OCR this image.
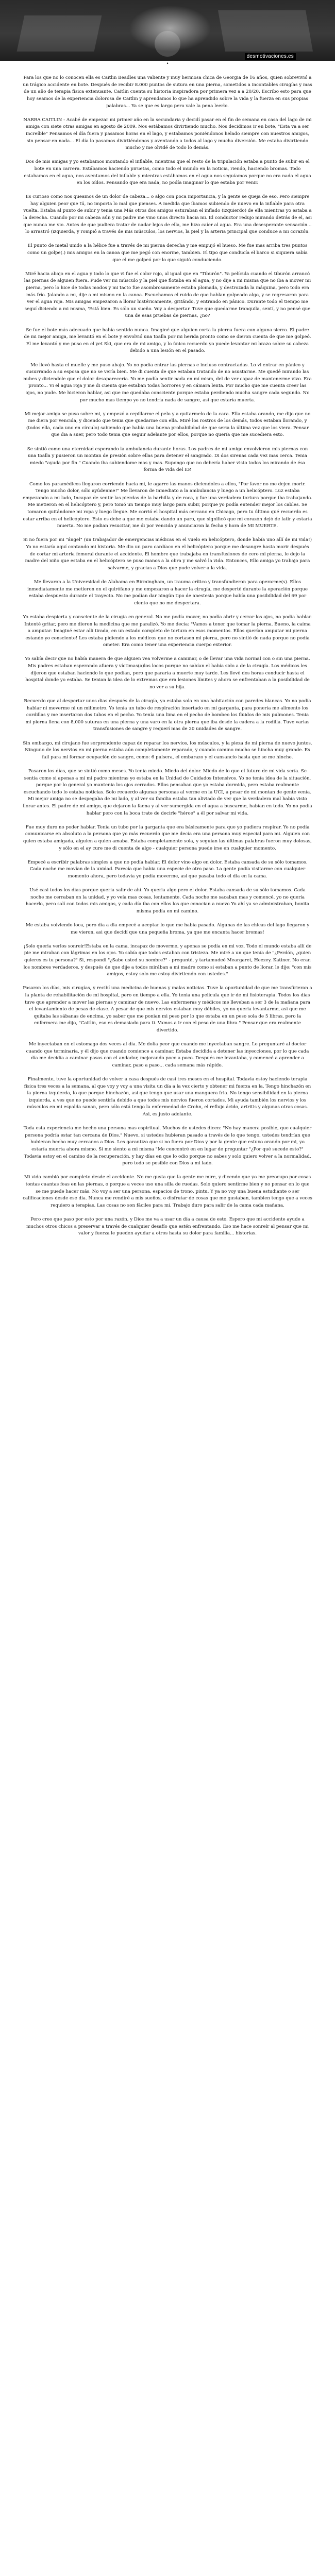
desmotivaciones.es

•

Para los que no lo conocen ella es Caitlin Beadles una valiente y muy hermosa chica de Georgia de 16 años, quien sobrevivió a un trágico accidente en bote. Después de recibir 8.000 puntos de sutura en una pierna, sometidos a incontables cirugías y mas de un año de terapia física extenuante, Caitlin cuenta su historia inspiradora por primera vez a a 20/20. Escribo esto para que hoy seamos de la experiencia dolorosa de Caitlin y aprendamos lo que ha aprendido sobre la vida y la fuerza en sus propias palabras... Ya se que es largo pero vale la pena leerlo.

NARRA CAITLIN - Acabé de empezar mi primer año en la secundaria y decidí pasar en el fin de semana en casa del lago de mi amiga con siete otras amigas en agosto de 2009. Nos estábamos divirtiendo mucho. Nos decidimos ir en bote, "Esta va a ser increíble" Pensamos el día fuera y pasamos horas en el lago, y estabamos poniéndonos helado siempre con nuestros amigos, sin pensar en nada... El día lo pasamos divirtiéndonos y aventando a todos al lago y mucha diversión. Me estaba divirtiendo mucho y me olvidé de todo lo demás.

Dos de mis amigas y yo estabamos montando el inflable, mientras que el resto de la tripulación estaba a punto de subir en el bote en una carrera. Estábamos haciendo piruetas, como todo el mundo en la noticia, riendo, haciendo bromas. Todo estabamos en el agua, nos aventamos del inflable y mientras estábamos en el agua nos seguíamos porque no era nada el agua en los oídos. Pensando que era nada, no podía imaginar lo que estaba por venir.

Es curioso como nos queamos de un dolor de cabeza... o algo con poca importancia, y la gente se queja de eso. Pero siempre hay alguien peor que tú, no importa lo mal que pienses. A medida que íbamos subiendo de nuevo en la inflable para otra vuelta. Estaba al punto de subir y tenia una Más otros dos amigos esturaban el inflado (izquierdo) de ella mientras yo estaba a la derecha. Cuando por mi cabeza aún y mi padre me vino unos directo hacia mi. El conductor redujo mirando detrás de el, asi que nunca me vio. Antes de que pudiera tratar de nadar lejos de ella, me hizo caíer al agua. Era una desesperante sensación... lo arrastró (izquierda, y rompió a través de mis músculos, los nervios, la piel y la arteria principal que conduce a mi corazón.

El punto de metal unido a la hélice fue a través de mi pierna derecha y me empujó el hueso. Me fue mas arriba tres puntos como un golpe(.) mis amigos en la canoa que me pegó con enorme, tambien. El tipo que conducía el barco si siquiera sabía que el me golpeó por lo que siguió conduciendo.

Miré hacia abajo en el agua y todo lo que vi fue el color rojo, al igual que en "Tiburón". Ya película cuando el tiburón arrancó las piernas de alguien fuera. Pude ver mi músculo y la piel que flotaba en el agua, y no dije a mi misma que no iba a mover mi pierna, pero lo hice de todas modos y mi tacto fue asombrosamente estaba plomada, y destrozada la máquina, pero todo era más frío. Jalando a mi, dije a mi mismo en la canoa. Escuchamos el ruido de que hablan golpeado algo, y se regresaron para ver el agua roja. Mis amigas empezaron a llorar histéricamente, gritándo, y entrando en pánico. Durante todo el tiempo me seguí diciendo a mi misma, 'Está bien. Es sólo un sueño. Voy a despertar. Tuve que quedarme tranquila, sentí, y no pensé que una de esas pruebas de piernas, ¿no?

Se fue el bote más adecuado que había sentido nunca. Imaginé que alguien corta la pierna fuera con alguna sierra. El padre de mi mejor amiga, me levantó en el bote y envolvió una toalla por mi herida pronto como se dieron cuenta de que me golpeó. El me levantó y me puso en el yet Ski, que era de mi amigo, y lo único recuerdo yo puede levantar mi brazo sobre su cabeza debido a una lesión en el pasado.

Me llevó hasta el muelle y me puso abajo. Yo no podía entrar las piernas e incluso contractadas. Lo vi entrar en pánico y susurrando a su esposa que no se vería bien. Me di cuenta de que estaban tratando de no asustarme. Me quedé mirando las nubes y diciendole que el dolor desaparecería. Yo me podía sentir nada en mí mism, del de ver capaz de mantenerme vivo. Era pronto... Vi el agua roja y me di cuenta que estaban todas horrores y en cámara lenta. Por mucho que me cuenta creer las ojos, no pude. Me hicieron hablar, asi que me quedaba consciente porque estaba perdiendo mucha sangre cada segundo. No por mucho mas tiempo yo no tendría nada de sangre, asi que estaría muerta.

Mi mejor amiga se puso sobre mi, y empezó a cepillarme el pelo y a quitarmelo de la cara. Ella estaba orando, me dijo que no me diera por vencida, y dicendo que tenia que quedarme con ella. Miré los rostros de los demás, todos estaban llorando, y (todos ella, cada uno en círculo) sabiendo que había una buena probabilidad de que seria la última vez que los viera. Pensar que dia a suer, pero todo tenia que seguir adelante por ellos, porque no quería que me sucediera esto.

Se sintió como una eternidad esperando la ambulancia durante horas. Los padres de mi amigo envolvieron mis piernas con una toalla y pusieron un montan de presión sobre ellas para detener el sangrado. Di dos sirenas cada vez mas cerca. Tenia miedo "ayuda por fin." Cuando iba subiendome mas y mas. Supongo que no debería haber visto todos los mirando de ésa forma de vida del EP.

Como los paramédicos llegaron corriendo hacia mi, le agarre las manos diciendoles a ellos, "Por favor no me dejen morir. Tengo mucho dolor, sólo ayúdenme!" Me llevaron de inmediato a la ambulancia y luego a un helicóptero. Luz estaba empezando a mi lado, Incapaz de sentir las pierdas de la barbilla y de roca, y fue una verdadera tortura porque iba trabajando. Me metieron en el helicóptero y, pero tomó un tiempo muy largo para subir, porque yo podía entender mejor los cables. Se tomaron quitándome mi ropa y luego llegue. Me corrió el hospital más cercano en Chicago, pero tu último qué recuerdo es estar arriba en el helicóptero. Esto es debe a que me estaba dando un paro, que significó que mi corazón dejó de latir y estaría muerta. No me podian resucitar, me di por vencida y anunciaron la fecha y hora de MI MUERTE.

Si no fuera por mi "ángel" (un trabajador de emergencias médicas en el vuelo en helicóptero, donde había uno allí de mi vida!) Yo no estaría aquí contando mi historia. Me dio un paro cardíaco en el helicóptero porque me desangre hasta morir después de cortar mi arteria femoral durante el accidente. El hombre que trabajaba en transfusiones de cero mi pierna, le dejo la madre del niño que estaba en el helicóptero se puso manos a la obra y me salvó la vida. Entonces, Ello amiga yo trabajo para salvarme, y gracias a Dios que pude volver a la vida.

Me llevaron a la Universidad de Alabama en Birmingham, un trauma crítico y transfundieron para operarme(s). Ellos inmediatamente me metieron en el quirófano y me empezaron a hacer la cirugía, me desperté durante la operación porque estaba despuesto durante el trayecto. No me podían dar ningún tipo de anestesia porque había una posibilidad del 69 por ciento que no me despertara.

Yo estaba despierta y consciente de la cirugía en general. No me podía mover, no podía abrir y cerrar los ojos, no podía hablar. Intenté gritar, pero me dieron la medicina que me paralizó. Yo me decía: "Vamos a tener que tomar la pierna. Bueno, la caíma a amputar. Imaginé estar allí tirada, en un estado completo de tortura en esos momentos. Ellos querían amputar mi pierna estando yo consciente! Les estaba pidiendo a los médicos que no cortasen mi pierna, pero no sintió de nada porque no podía ometer. Era como tener una experiencia cuerpo exterior.

Yo sabía decir que no había manera de que alguien vea volverme a caminar, o de llevar una vida normal con o sin una pierna. Mis padres estaban esperando afuera y víctimas(a)los locos porque no sabían el había sido a de la cirugía. Los médicos les dijeron que estaban haciendo lo que podían, pero que pararía a muerte muy tarde. Les llevó dos horas conducir hasta el hospital donde yo estaba. Se tenian la idea de lo extremas que era lesiones límites y ahora se enfrentaban a la posibilidad de no ver a su hija.

Recuerdo que al despertar unos dias después de la cirugía, yo estaba sola en una habitación con paredes blancas. Yo no podía hablar ni moverme ni un milímetro. Yo tenía un tubo de respiración insertado en mi garganta, para ponería me alimento los cordillas y me insertaron dos tubos en el pecho. Yo tenía una lima en el pecho de bombeo los fluidos de mis pulmones. Tenia mi pierna llena con 8,000 suturas en una pierna y una varo en la otra pierna que iba desde la cadera a la rodilla. Tuve varias transfusiones de sangre y requerí mas de 20 unidades de sangre.

Sin embargo, mi cirujano fue sorprendente capaz de reparar los nervios, los músculos, y la pieza de mi pierna de nuevo juntos. Ninguno de los nervios en mi pierna estaba aún completamente reparado, y cuando camino mucho se hincha muy grande. Es faíl para mi formar ocupación de sangre, como: 6 pulsera, el embarazo y el cansancio hasta que se me hinche.

Pasaron los días, que se sintió como meses. Yo tenia miedo. Miedo del dolor. Miedo de lo que el futuro de mi vida sería. Se sentía como si apenas a mí mi padre mientras yo estaba en la Unidad de Cuidados Intensivos. Yo no tenía idea de la situación, porque por lo general yo mantenia los ojos cerrados. Ellos pensaban que yo estaba dormida, pero estaba realmente escuchando todo lo estaba noticias. Solo recuerdo algunas personas al verme en la UCI, a pesar de mi montan de gente venía. Mi mejor amiga no se despegaba de mi lado, y al ver su familia estaba tan aliviado de ver que la verdadera mal había visto llorar antes. El padre de mi amigo, que dejaron la faena y al ver sumergida en el agua a buscarme, habían en todo. Yo no podía hablar pero con la boca trate de decirle "héroe" a él por salvar mi vida.

Fue muy duro no poder hablar. Tenia un tubo por la garganta que era básicamente para que yo pudiera respirar. Yo no podía comunicarse en absoluto a la persona que yo más recuerdo que me decía era una persona muy especial para mi. Alguien con quien estaba amigada, alguien a quien amaba. Estaba completamente sola, y seguían las últimas palabras fueron muy dolosas, y sólo en el ay cure me di cuenta de algo - cualquier persona puede irse en cualquier momento.

Empecé a escribir palabras simples a que no podía hablar. El dolor vino algo en dolor. Estaba cansada de su sólo tomamos. Cada noche me movían de la unidad. Parecía que habia una especie de otro paso. La gente podía visitarme con cualquier momento ahora, pero todavía yo podía moverme, asi que pasaba todo el dia en la cama.

Usé casi todos los dias porque queria salir de ahí. Yo queria algo pero el dolor. Estaba cansada de su sólo tomamos. Cada noche me cerraban en la unidad, y yo veía mas cosas, lentamente. Cada noche me sacaban mas y comencé, yo no quería hacerlo, pero salí con todos mis amigos, y cada día iba con ellos los que conocian a nuevo Yo ahí ya se administraban, bonita misma podía en mi camino.

Me estaba volviendo loca, pero día a dia empecé a aceptar lo que me habia pasado. Algunas de las chicas del lago llegaron y me vieron, asi que decidí que una pequeña broma, ya que me encanta hacer bromas!

¡Solo queria verlos sonreír!Estaba en la cama, incapaz de moverme, y apenas se podía en mi voz. Todo el mundo estaba allí de pie me miraban con lágrimas en los ojos. Yo sabía que todos estaban con tristeza. Me miré a un que tenía de "¿Perdón, ¿quien quieres es tu persona?" Si, respondi "¿Sabe usted su nombre?" - pregunté, y tartamudeé Meargaret, Heezey. Katiner. No eran los nombres verdaderos, y después de que dije a todos mirában a mi madre como si estaban a punto de llorar, le dije: "con mis amigos, estoy solo me estoy divirtiendo con ustedes."

Pasaron los días, mis cirugías, y recibí una medicina de buenas y malas noticias. Tuve la oportunidad de que me transfirieran a la planta de rehabilitación de mi hospital, pero en tiempo a ella. Yo tenia una película que ir de mi fisioterapia. Todos los días tuve que aprender a mover las piernas y caminar de nuevo. Las enfermeras y médicos me lleveban a ser 3 de la mañana para el levantamiento de pesas de clase. A pesar de que mis nervios estaban muy débiles, yo no queria levantarme, asi que me quitaba las sábanas de encima, yo saber que me ponian mi peso por lo que estaba en un peso sola de 5 libras, pero la enfermera me dijo, "Caitlin, eso es demasiado para ti. Vamos a ir con el peso de una libra." Pensar que era realmente divertido.

Me inyectaban en el estomago dos veces al día. Me dolía peor que cuando me inyectaban sangre. Le preguntaré al doctor cuando que terminaría, y él dijo que cuando comience a caminar. Estaba decidida a detener las inyecciones, por lo que cada día me decidía a caminar pasos con el andador, mejorando poco a poco. Después me levantaba, y comencé a aprender a caminar, paso a paso... cada semana más rápido.

Finalmente, tuve la oportunidad de volver a casa después de casi tres meses en el hospital. Todavia estoy haciendo terapia física tres veces a la semana, al que voy y voy a una visita un día a la vez cierto y obtener mi fuerza en la. Tengo hinchazón en la pierna izquierda, lo que porque hinchazón, asi que tengo que usar una manguera fria. No tengo sensibilidad en la pierna izquierda, a ves que no puede sentirla debido a que todos mis nervios fueron cortados. Mi ayuda también los nervios y los músculos en mi espalda sanan, pero sólo está tengo la enfermedad de Crohn, el reflujo ácido, artritis y algunas otras cosas. Asi, es justo adelante.

Toda esta experiencia me hecho una persona mas espiritual. Muchos de ustedes dicen: "No hay manera posible, que cualquier persona podría estar tan cercana de Dios." Nuevo, si ustedes hubieran pasado a través de lo que tengo, ustedes tendrían que hubieran hecho muy cercanos a Dios. Les garantizo que si no fuera por Dios y por la gente que estuvo orando por mi, yo estaría muerta ahora mismo. Si me siento a mi misma "Me concentré en en lugar de preguntar "¿Por qué sucede esto?" Todavia estoy en el camino de la recuperación, y hay días en que lo odio porque no sabes y solo quiero volver a la normalidad, pero todo se posible con Dios a mi lado.

Mi vida cambió por completo desde el accidente. No me gusta que la gente me mire, y dicendo que yo me preocupo por cosas tontas cuantas feas en las piernas, o porque a veces uso una silla de ruedas. Solo quiero sentirme bien y no pensar en lo que se me puede hacer más. No voy a ser una persona, espacios de trono, pintu. Y ya no voy una buena estudiante o ser calificaciones desde ese día. Nunca me rendiré a mis sueños, o disfrutar de cosas que me gustaban, tambien tengo que a veces requiero a terapias. Las cosas no son fáciles para mi. Trabajo duro para salir de la cama cada mañana.

Pero creo que paso por esto por una razón, y Dios me va a usar un día a causa de esto. Espero que mi accidente ayude a muchos otros chicos a preservar a través de cualquier desafío que estén enfrentando. Eso me hace sonreír al pensar que mi valor y fuerza le pueden ayudar a otros hasta su dolor para familia... historias.
